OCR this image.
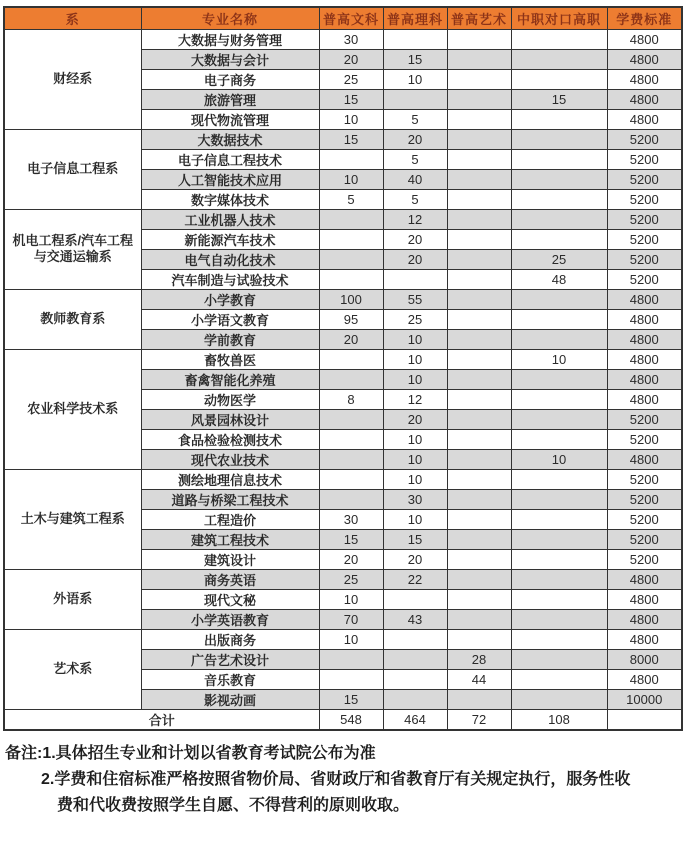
系	专业名称	普高文科	普高理科	普高艺术	中职对口高职	学费标准
财经系	大数据与财务管理	30				4800
	大数据与会计	20	15			4800
	电子商务	25	10			4800
	旅游管理	15			15	4800
	现代物流管理	10	5			4800
电子信息工程系	大数据技术	15	20			5200
	电子信息工程技术		5			5200
	人工智能技术应用	10	40			5200
	数字媒体技术	5	5			5200
机电工程系/汽车工程与交通运输系	工业机器人技术		12			5200
	新能源汽车技术		20			5200
	电气自动化技术		20		25	5200
	汽车制造与试验技术				48	5200
教师教育系	小学教育	100	55			4800
	小学语文教育	95	25			4800
	学前教育	20	10			4800
农业科学技术系	畜牧兽医		10		10	4800
	畜禽智能化养殖		10			4800
	动物医学	8	12			4800
	风景园林设计		20			5200
	食品检验检测技术		10			5200
	现代农业技术		10		10	4800
土木与建筑工程系	测绘地理信息技术		10			5200
	道路与桥梁工程技术		30			5200
	工程造价	30	10			5200
	建筑工程技术	15	15			5200
	建筑设计	20	20			5200
外语系	商务英语	25	22			4800
	现代文秘	10				4800
	小学英语教育	70	43			4800
艺术系	出版商务	10				4800
	广告艺术设计			28		8000
	音乐教育			44		4800
	影视动画	15				10000
合计		548	464	72	108	
备注:1.具体招生专业和计划以省教育考试院公布为准
2.学费和住宿标准严格按照省物价局、省财政厅和省教育厅有关规定执行，服务性收
费和代收费按照学生自愿、不得营利的原则收取。
